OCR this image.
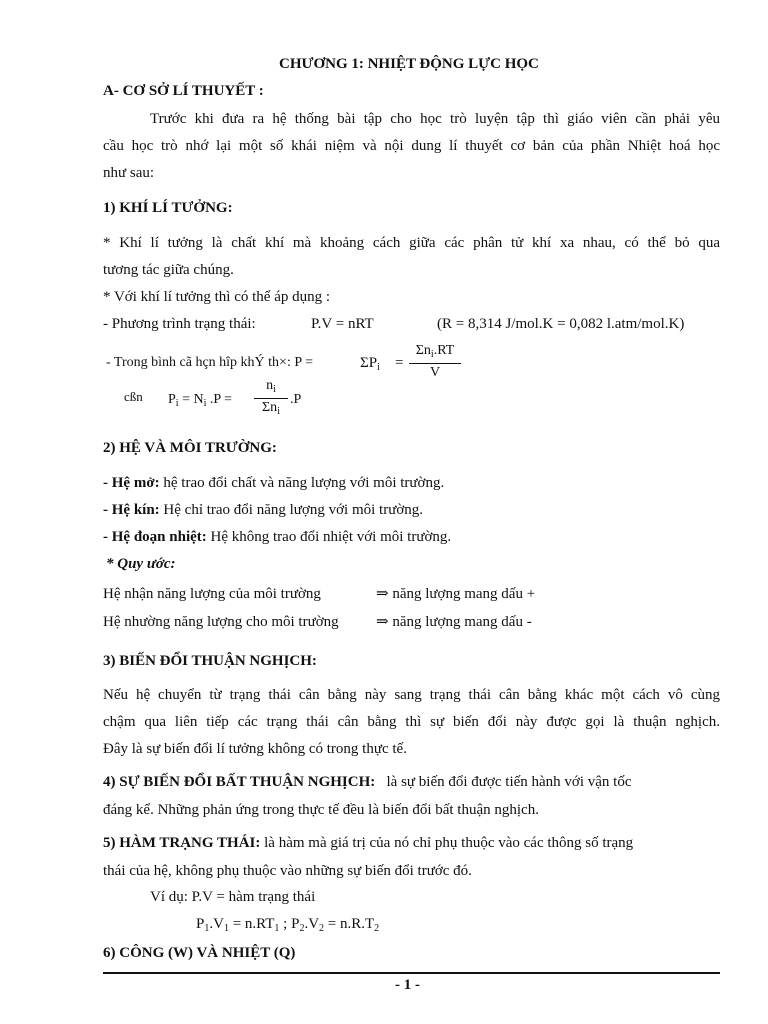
CHƯƠNG 1: NHIỆT ĐỘNG LỰC HỌC
A- CƠ SỞ LÍ THUYẾT :
Trước khi đưa ra hệ thống bài tập cho học trò luyện tập thì giáo viên cần phải yêu
cầu học trò nhớ lại một số khái niệm và nội dung lí thuyết cơ bản của phần Nhiệt hoá học
như sau:
1) KHÍ LÍ TƯỞNG:
* Khí lí tưởng là chất khí mà khoảng cách giữa các phân tử khí xa nhau, có thể bỏ qua
tương tác giữa chúng.
* Với khí lí tưởng thì có thể áp dụng :
- Phương trình trạng thái:	P.V = nRT	(R = 8,314 J/mol.K = 0,082 l.atm/mol.K)
- Trong bình cã hçn hîp khÝ th×: P =	$\Sigma P_i$ =
$\Sigma n_i.RT$
V
cßn $P_i = N_i$ .P =
$n_i$
$\Sigma n_i$
.P
2) HỆ VÀ MÔI TRƯỜNG:
- Hệ mở: hệ trao đổi chất và năng lượng với môi trường.
- Hệ kín: Hệ chỉ trao đổi năng lượng với môi trường.
- Hệ đoạn nhiệt: Hệ không trao đổi nhiệt với môi trường.
* Quy ước:
Hệ nhận năng lượng của môi trường	⇒ năng lượng mang dấu +
Hệ nhường năng lượng cho môi trường ⇒ năng lượng mang dấu -
3) BIẾN ĐỔI THUẬN NGHỊCH:
Nếu hệ chuyển từ trạng thái cân bằng này sang trạng thái cân bằng khác một cách vô cùng
chậm qua liên tiếp các trạng thái cân bằng thì sự biến đổi này được gọi là thuận nghịch.
Đây là sự biến đổi lí tưởng không có trong thực tế.
4) SỰ BIẾN ĐỔI BẤT THUẬN NGHỊCH: là sự biến đổi được tiến hành với vận tốc
đáng kể. Những phản ứng trong thực tế đều là biến đổi bất thuận nghịch.
5) HÀM TRẠNG THÁI: là hàm mà giá trị của nó chỉ phụ thuộc vào các thông số trạng
thái của hệ, không phụ thuộc vào những sự biến đổi trước đó.
Ví dụ: P.V = hàm trạng thái
$P_1.V_1 = n.RT_1$ ; $P_2.V_2 = n.R.T_2$
6) CÔNG (W) VÀ NHIỆT (Q)
- 1 -
